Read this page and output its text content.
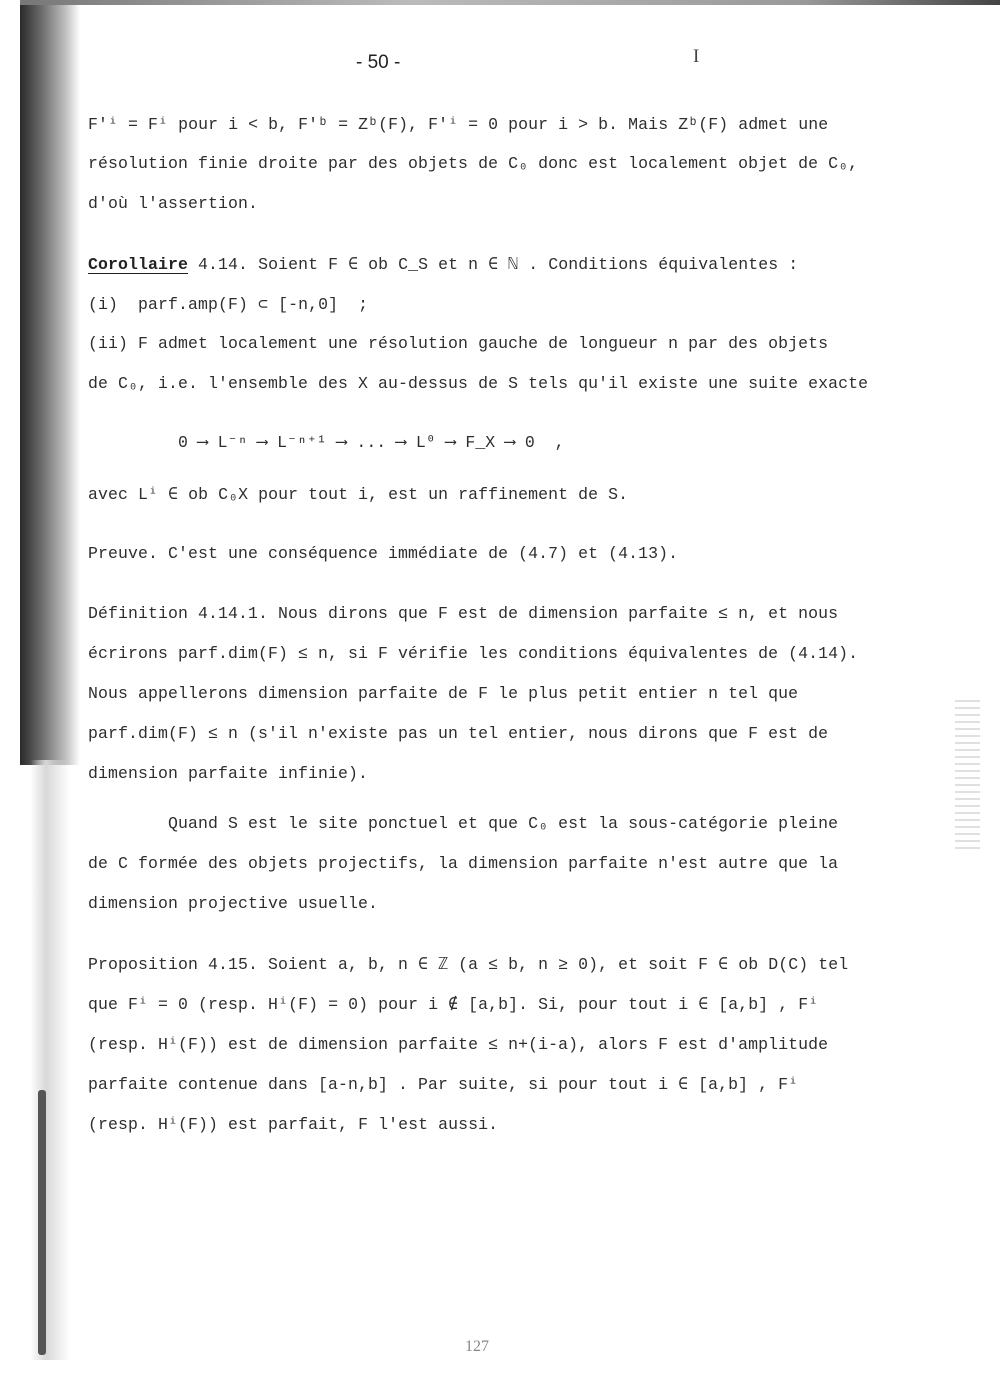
- 50 -	I
F'ⁱ = Fⁱ pour i < b, F'ᵇ = Zᵇ(F), F'ⁱ = 0 pour i > b. Mais Zᵇ(F) admet une
résolution finie droite par des objets de C₀ donc est localement objet de C₀,
d'où l'assertion.
Corollaire 4.14. Soient F ∈ ob C_S et n ∈ ℕ . Conditions équivalentes :
(i)  parf.amp(F) ⊂ [-n,0]  ;
(ii) F admet localement une résolution gauche de longueur n par des objets
de C₀, i.e. l'ensemble des X au-dessus de S tels qu'il existe une suite exacte
0 ⟶ L⁻ⁿ ⟶ L⁻ⁿ⁺¹ ⟶ ... ⟶ L⁰ ⟶ F_X ⟶ 0  ,
avec Lⁱ ∈ ob C₀X pour tout i, est un raffinement de S.
Preuve. C'est une conséquence immédiate de (4.7) et (4.13).
Définition 4.14.1. Nous dirons que F est de dimension parfaite ≤ n, et nous
écrirons parf.dim(F) ≤ n, si F vérifie les conditions équivalentes de (4.14).
Nous appellerons dimension parfaite de F le plus petit entier n tel que
parf.dim(F) ≤ n (s'il n'existe pas un tel entier, nous dirons que F est de
dimension parfaite infinie).
Quand S est le site ponctuel et que C₀ est la sous-catégorie pleine
de C formée des objets projectifs, la dimension parfaite n'est autre que la
dimension projective usuelle.
Proposition 4.15. Soient a, b, n ∈ ℤ (a ≤ b, n ≥ 0), et soit F ∈ ob D(C) tel
que Fⁱ = 0 (resp. Hⁱ(F) = 0) pour i ∉ [a,b]. Si, pour tout i ∈ [a,b] , Fⁱ
(resp. Hⁱ(F)) est de dimension parfaite ≤ n+(i-a), alors F est d'amplitude
parfaite contenue dans [a-n,b] . Par suite, si pour tout i ∈ [a,b] , Fⁱ
(resp. Hⁱ(F)) est parfait, F l'est aussi.
127
